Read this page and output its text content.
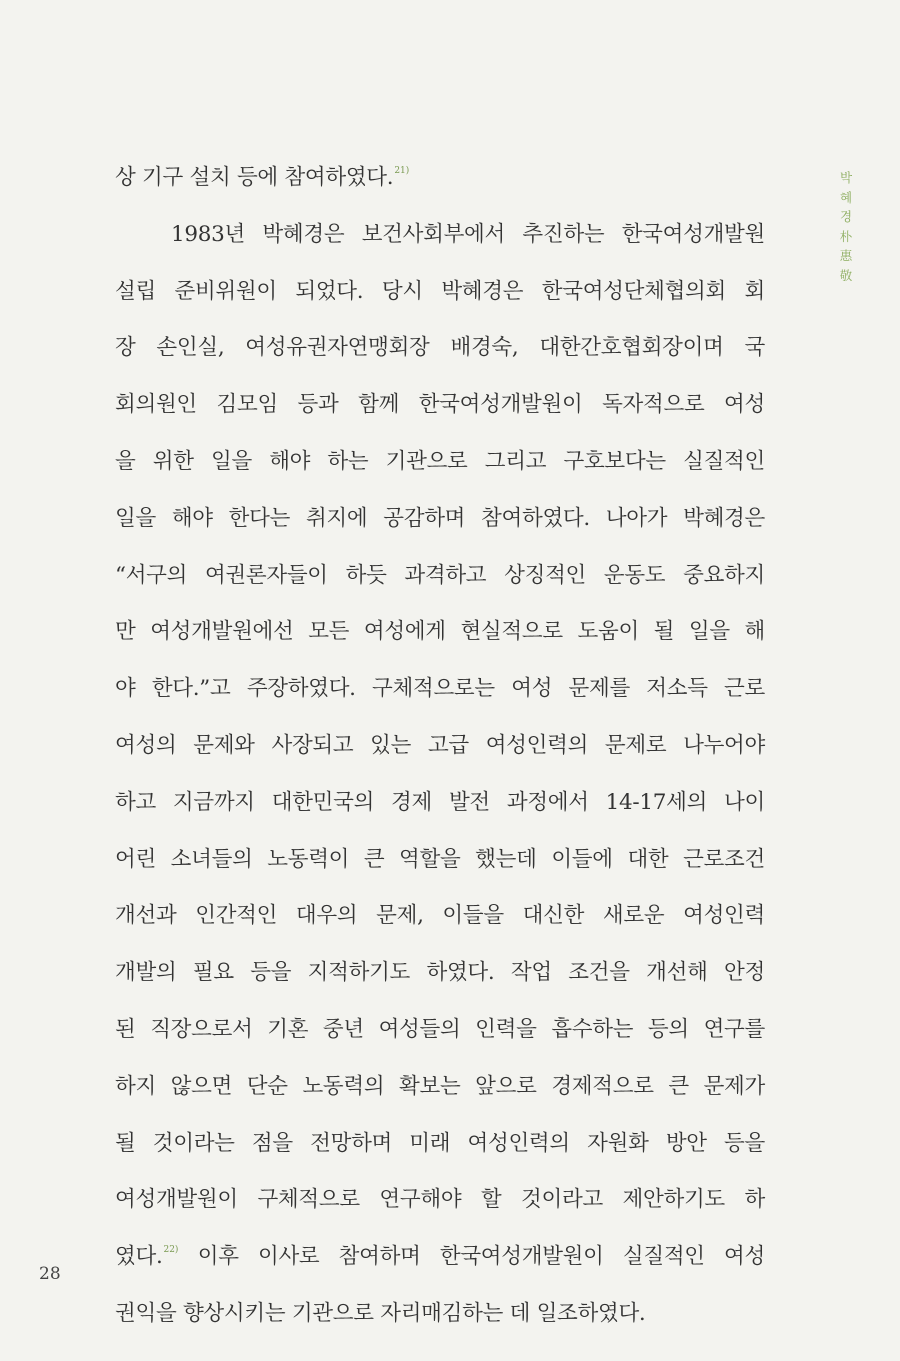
박
혜
경
朴
惠
敬
상 기구 설치 등에 참여하였다.$^{21)}$
1983년 박혜경은 보건사회부에서 추진하는 한국여성개발원
설립 준비위원이 되었다. 당시 박혜경은 한국여성단체협의회 회
장 손인실, 여성유권자연맹회장 배경숙, 대한간호협회장이며 국
회의원인 김모임 등과 함께 한국여성개발원이 독자적으로 여성
을 위한 일을 해야 하는 기관으로 그리고 구호보다는 실질적인
일을 해야 한다는 취지에 공감하며 참여하였다. 나아가 박혜경은
“서구의 여권론자들이 하듯 과격하고 상징적인 운동도 중요하지
만 여성개발원에선 모든 여성에게 현실적으로 도움이 될 일을 해
야 한다.”고 주장하였다. 구체적으로는 여성 문제를 저소득 근로
여성의 문제와 사장되고 있는 고급 여성인력의 문제로 나누어야
하고 지금까지 대한민국의 경제 발전 과정에서 14-17세의 나이
어린 소녀들의 노동력이 큰 역할을 했는데 이들에 대한 근로조건
개선과 인간적인 대우의 문제, 이들을 대신한 새로운 여성인력
개발의 필요 등을 지적하기도 하였다. 작업 조건을 개선해 안정
된 직장으로서 기혼 중년 여성들의 인력을 흡수하는 등의 연구를
하지 않으면 단순 노동력의 확보는 앞으로 경제적으로 큰 문제가
될 것이라는 점을 전망하며 미래 여성인력의 자원화 방안 등을
여성개발원이 구체적으로 연구해야 할 것이라고 제안하기도 하
였다.$^{22)}$ 이후 이사로 참여하며 한국여성개발원이 실질적인 여성
권익을 향상시키는 기관으로 자리매김하는 데 일조하였다.
28
